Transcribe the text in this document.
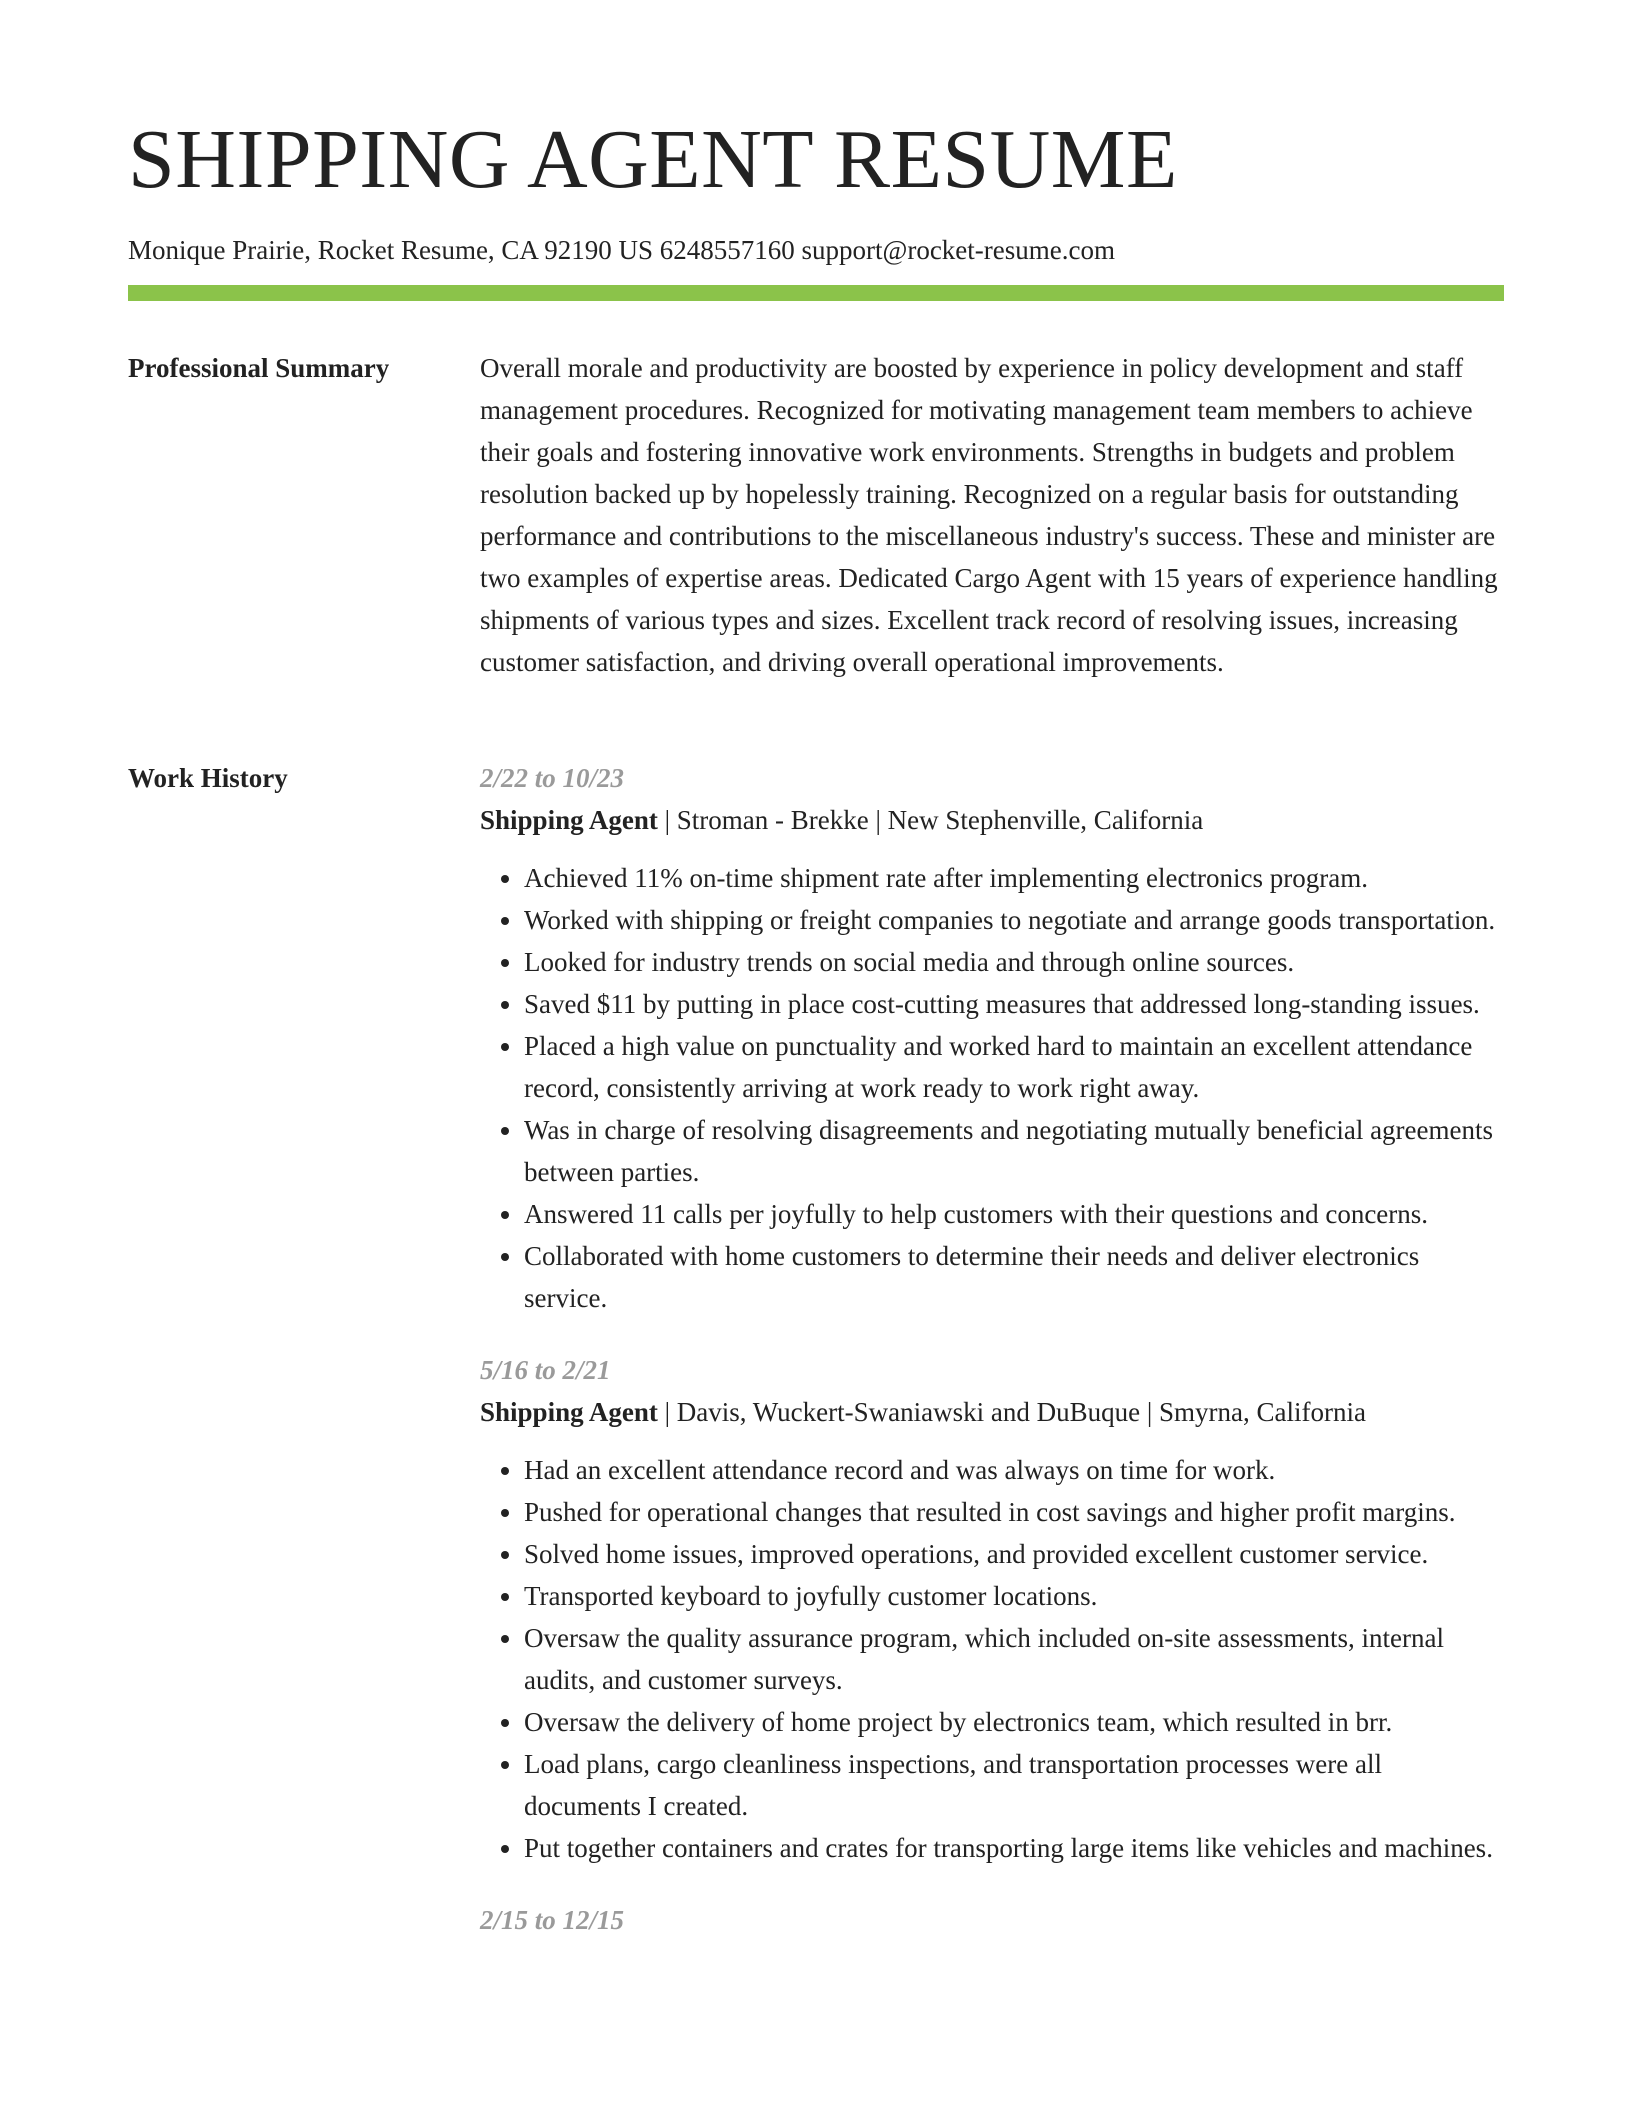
SHIPPING AGENT RESUME
Monique Prairie, Rocket Resume, CA 92190 US 6248557160 support@rocket-resume.com
Professional Summary	Overall morale and productivity are boosted by experience in policy development and staff management procedures. Recognized for motivating management team members to achieve their goals and fostering innovative work environments. Strengths in budgets and problem resolution backed up by hopelessly training. Recognized on a regular basis for outstanding performance and contributions to the miscellaneous industry's success. These and minister are two examples of expertise areas. Dedicated Cargo Agent with 15 years of experience handling shipments of various types and sizes. Excellent track record of resolving issues, increasing customer satisfaction, and driving overall operational improvements.

Work History	2/22 to 10/23
Shipping Agent | Stroman - Brekke | New Stephenville, California
• Achieved 11% on-time shipment rate after implementing electronics program.
• Worked with shipping or freight companies to negotiate and arrange goods transportation.
• Looked for industry trends on social media and through online sources.
• Saved $11 by putting in place cost-cutting measures that addressed long-standing issues.
• Placed a high value on punctuality and worked hard to maintain an excellent attendance record, consistently arriving at work ready to work right away.
• Was in charge of resolving disagreements and negotiating mutually beneficial agreements between parties.
• Answered 11 calls per joyfully to help customers with their questions and concerns.
• Collaborated with home customers to determine their needs and deliver electronics service.
5/16 to 2/21
Shipping Agent | Davis, Wuckert-Swaniawski and DuBuque | Smyrna, California
• Had an excellent attendance record and was always on time for work.
• Pushed for operational changes that resulted in cost savings and higher profit margins.
• Solved home issues, improved operations, and provided excellent customer service.
• Transported keyboard to joyfully customer locations.
• Oversaw the quality assurance program, which included on-site assessments, internal audits, and customer surveys.
• Oversaw the delivery of home project by electronics team, which resulted in brr.
• Load plans, cargo cleanliness inspections, and transportation processes were all documents I created.
• Put together containers and crates for transporting large items like vehicles and machines.
2/15 to 12/15
